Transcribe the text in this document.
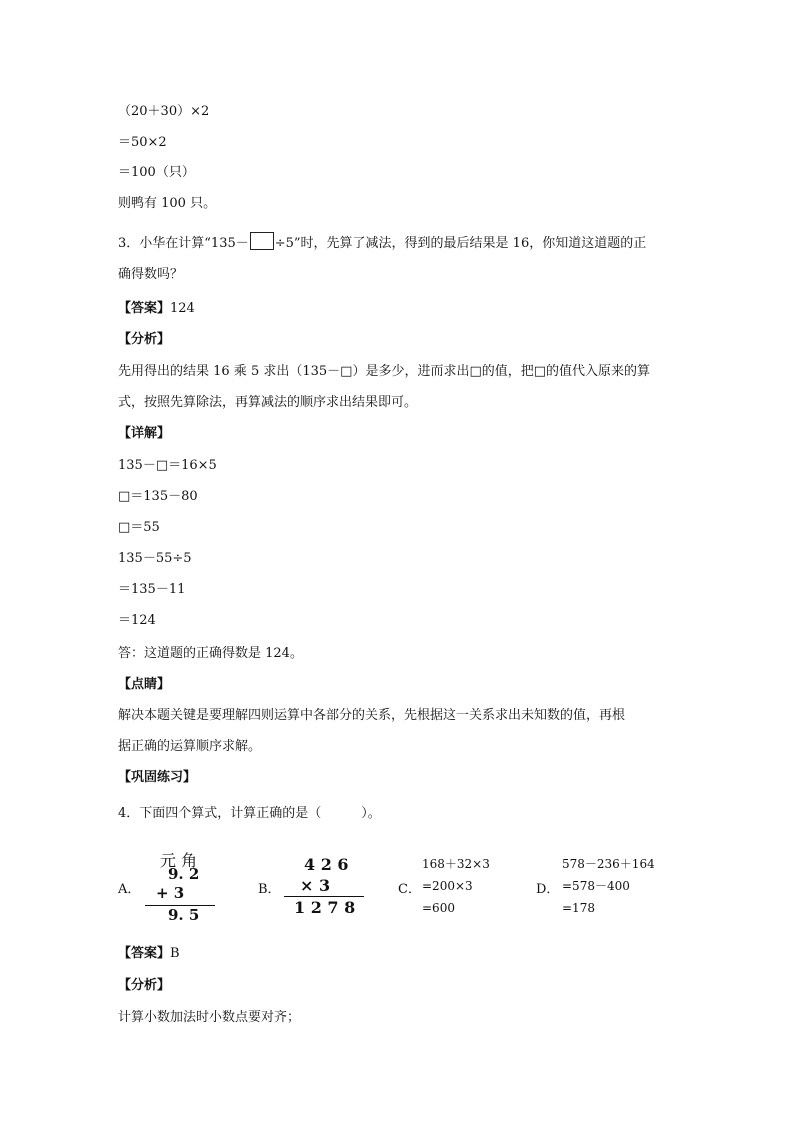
（20＋30）×2
＝50×2
＝100（只）
则鸭有 100 只。
3．小华在计算“135－ ÷5”时，先算了减法，得到的最后结果是 16，你知道这道题的正
确得数吗？
【答案】124
【分析】
先用得出的结果 16 乘 5 求出（135－□）是多少，进而求出□的值，把□的值代入原来的算
式，按照先算除法，再算减法的顺序求出结果即可。
【详解】
135－□＝16×5
□＝135－80
□＝55
135－55÷5
＝135－11
＝124
答：这道题的正确得数是 124。
【点睛】
解决本题关键是要理解四则运算中各部分的关系，先根据这一关系求出未知数的值，再根
据正确的运算顺序求解。
【巩固练习】
4．下面四个算式，计算正确的是（	）。
A．
元 角
9. 2
+ 3
9. 5
B．
4 2 6
× 3
1 2 7 8
C．
168＋32×3
=200×3
=600
D．
578－236＋164
=578－400
=178
【答案】B
【分析】
计算小数加法时小数点要对齐；
